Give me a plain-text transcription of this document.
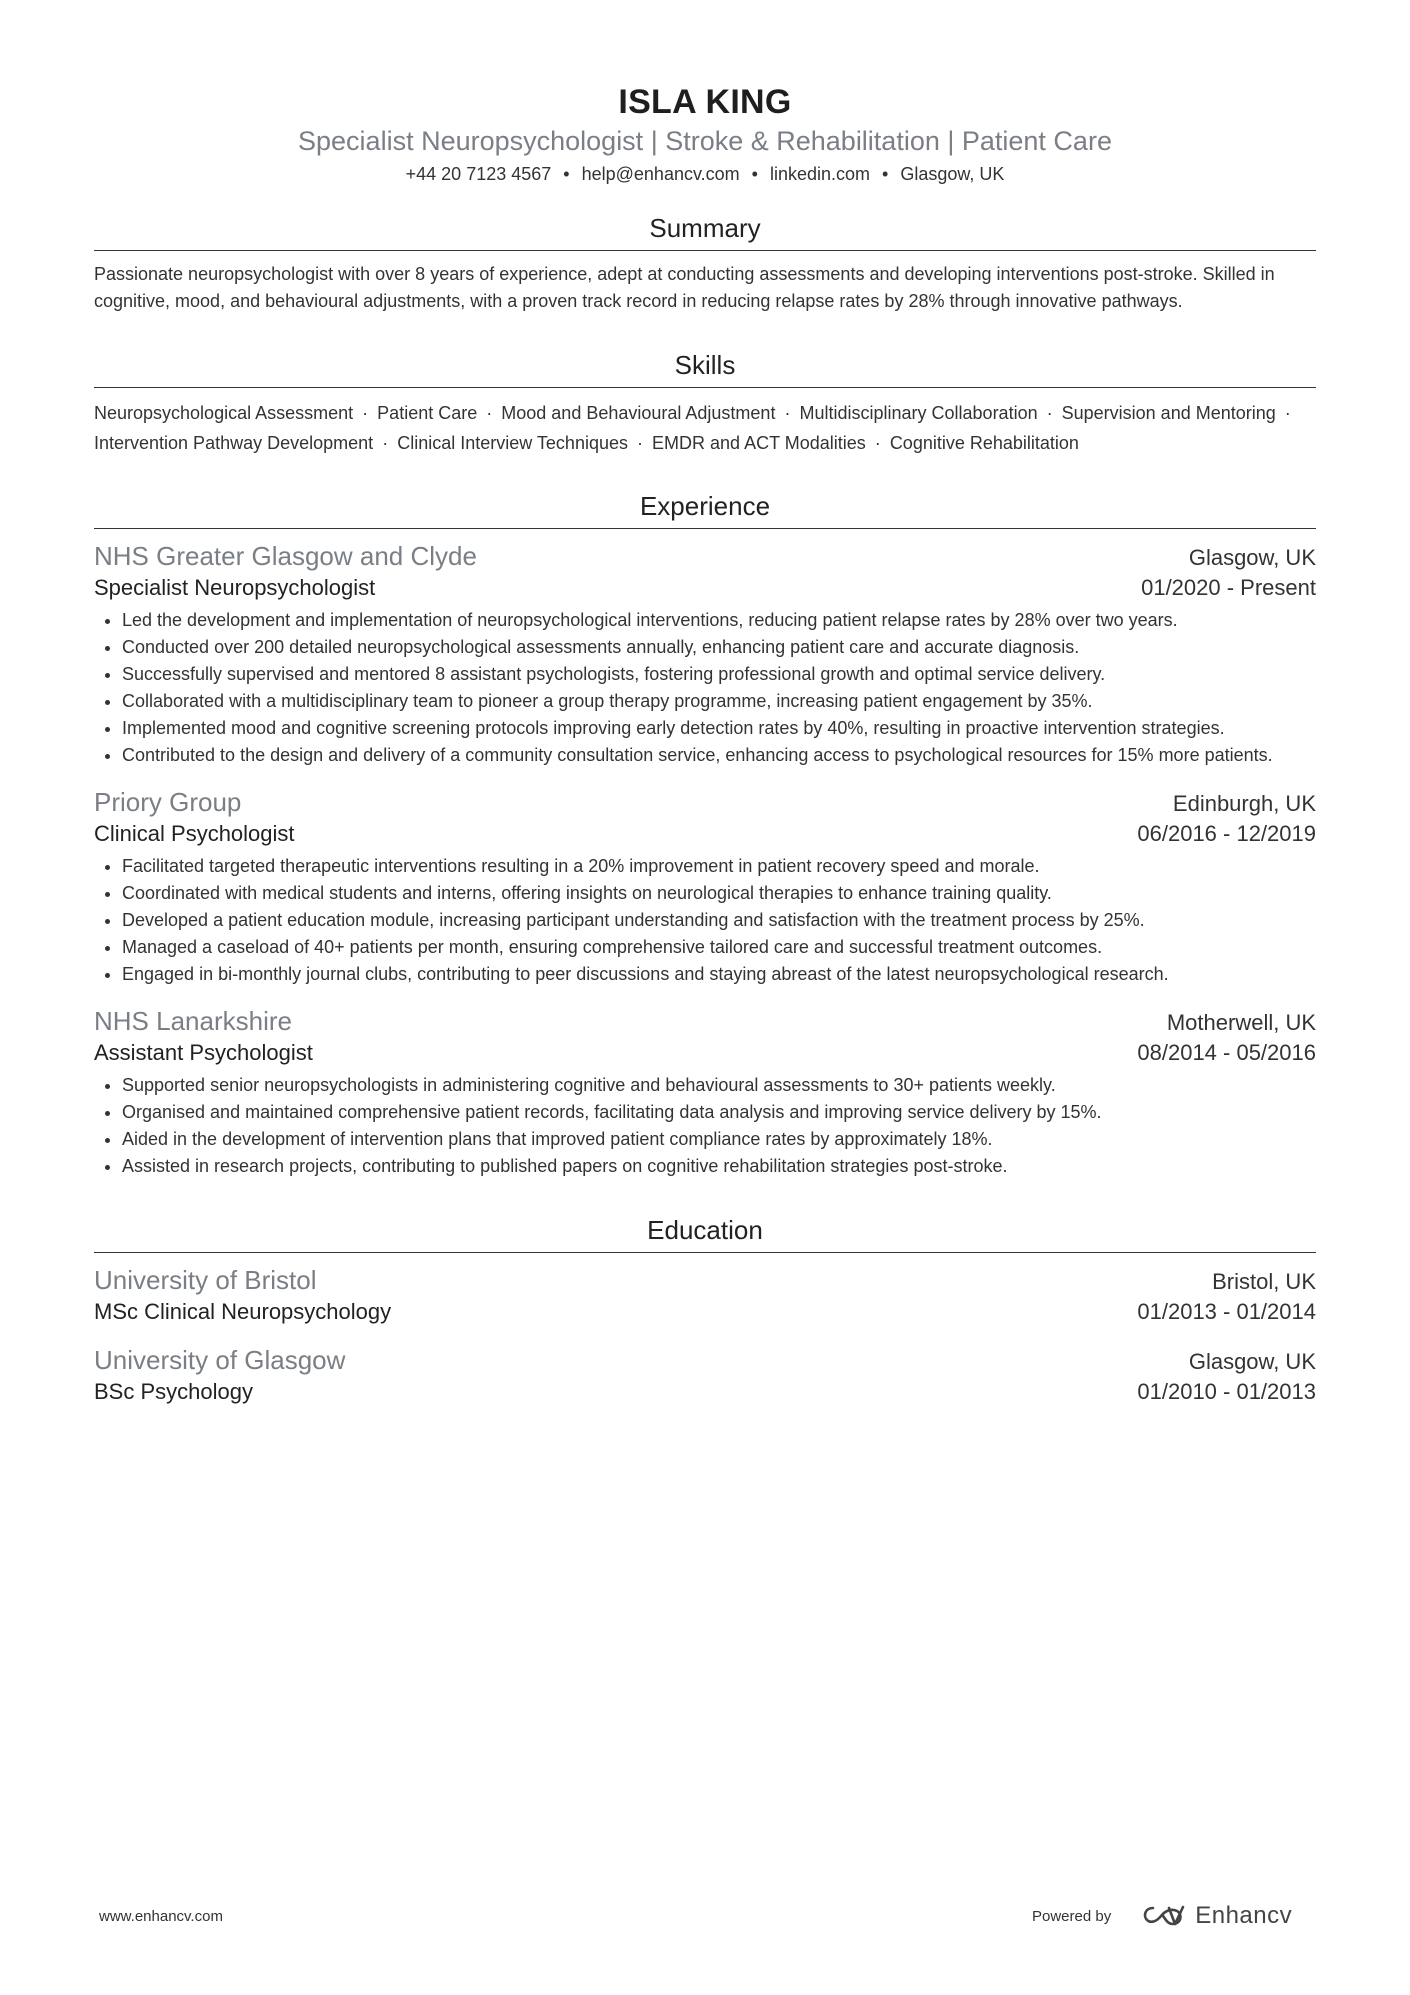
ISLA KING
Specialist Neuropsychologist | Stroke & Rehabilitation | Patient Care
+44 20 7123 4567 • help@enhancv.com • linkedin.com • Glasgow, UK
Summary
Passionate neuropsychologist with over 8 years of experience, adept at conducting assessments and developing interventions post-stroke. Skilled in cognitive, mood, and behavioural adjustments, with a proven track record in reducing relapse rates by 28% through innovative pathways.
Skills
Neuropsychological Assessment · Patient Care · Mood and Behavioural Adjustment · Multidisciplinary Collaboration · Supervision and Mentoring · Intervention Pathway Development · Clinical Interview Techniques · EMDR and ACT Modalities · Cognitive Rehabilitation
Experience
NHS Greater Glasgow and Clyde	Glasgow, UK
Specialist Neuropsychologist	01/2020 - Present
• Led the development and implementation of neuropsychological interventions, reducing patient relapse rates by 28% over two years.
• Conducted over 200 detailed neuropsychological assessments annually, enhancing patient care and accurate diagnosis.
• Successfully supervised and mentored 8 assistant psychologists, fostering professional growth and optimal service delivery.
• Collaborated with a multidisciplinary team to pioneer a group therapy programme, increasing patient engagement by 35%.
• Implemented mood and cognitive screening protocols improving early detection rates by 40%, resulting in proactive intervention strategies.
• Contributed to the design and delivery of a community consultation service, enhancing access to psychological resources for 15% more patients.
Priory Group	Edinburgh, UK
Clinical Psychologist	06/2016 - 12/2019
• Facilitated targeted therapeutic interventions resulting in a 20% improvement in patient recovery speed and morale.
• Coordinated with medical students and interns, offering insights on neurological therapies to enhance training quality.
• Developed a patient education module, increasing participant understanding and satisfaction with the treatment process by 25%.
• Managed a caseload of 40+ patients per month, ensuring comprehensive tailored care and successful treatment outcomes.
• Engaged in bi-monthly journal clubs, contributing to peer discussions and staying abreast of the latest neuropsychological research.
NHS Lanarkshire	Motherwell, UK
Assistant Psychologist	08/2014 - 05/2016
• Supported senior neuropsychologists in administering cognitive and behavioural assessments to 30+ patients weekly.
• Organised and maintained comprehensive patient records, facilitating data analysis and improving service delivery by 15%.
• Aided in the development of intervention plans that improved patient compliance rates by approximately 18%.
• Assisted in research projects, contributing to published papers on cognitive rehabilitation strategies post-stroke.
Education
University of Bristol	Bristol, UK
MSc Clinical Neuropsychology	01/2013 - 01/2014
University of Glasgow	Glasgow, UK
BSc Psychology	01/2010 - 01/2013
www.enhancv.com	Powered by	Enhancv
